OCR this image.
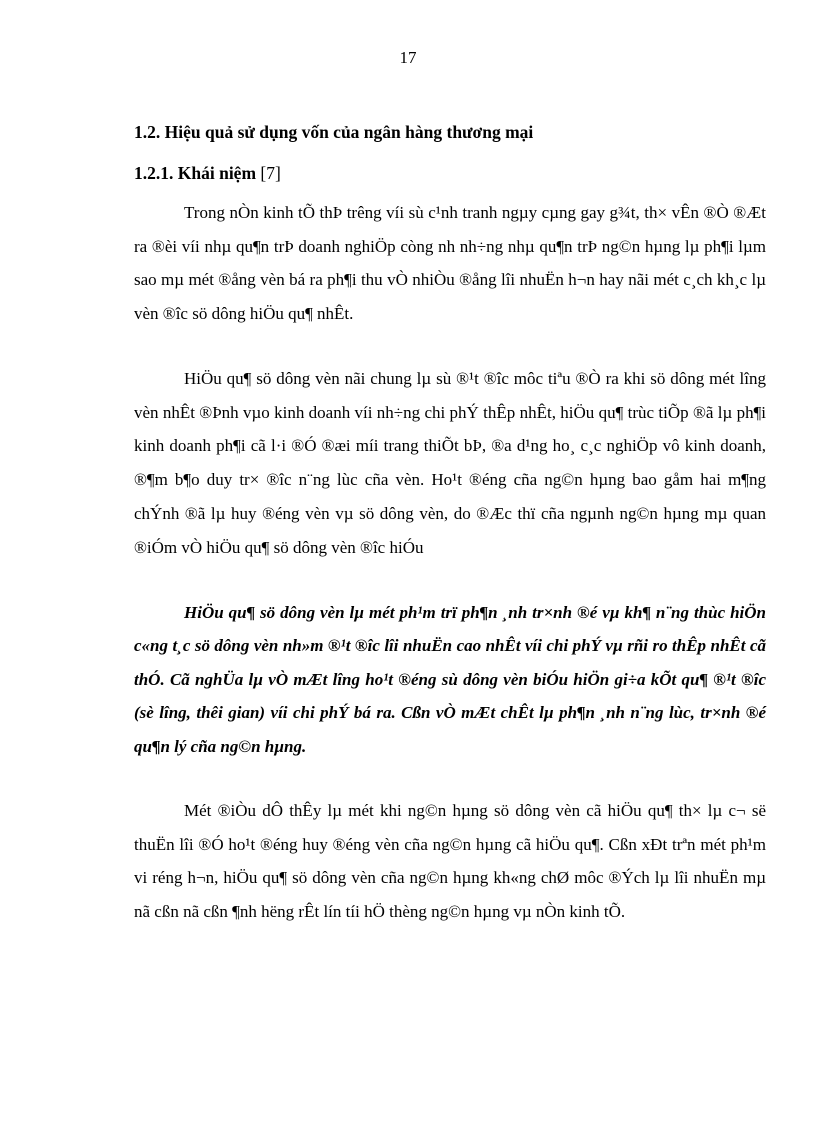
17
1.2. Hiệu quả sử dụng vốn của ngân hàng thương mại
1.2.1. Khái niệm [7]

Trong nÒn kinh tÕ thÞ trêng víi sù c¹nh tranh ngµy cµng gay g¾t, th× vÊn ®Ò ®Æt ra ®èi víi nhµ qu¶n trÞ doanh nghiÖp còng nh nh÷ng nhµ qu¶n trÞ ng©n hµng lµ ph¶i lµm sao mµ mét ®ång vèn bá ra ph¶i thu vÒ nhiÒu ®ång lîi nhuËn h¬n hay nãi mét c¸ch kh¸c lµ vèn ®îc sö dông hiÖu qu¶ nhÊt.

HiÖu qu¶ sö dông vèn nãi chung lµ sù ®¹t ®îc môc tiªu ®Ò ra khi sö dông mét lîng vèn nhÊt ®Þnh vµo kinh doanh víi nh÷ng chi phÝ thÊp nhÊt, hiÖu qu¶ trùc tiÕp ®ã lµ ph¶i kinh doanh ph¶i cã l·i ®Ó ®æi míi trang thiÕt bÞ, ®a d¹ng ho¸ c¸c nghiÖp vô kinh doanh, ®¶m b¶o duy tr× ®îc n¨ng lùc cña vèn. Ho¹t ®éng cña ng©n hµng bao gåm hai m¶ng chÝnh ®ã lµ huy ®éng vèn vµ sö dông vèn, do ®Æc thï cña ngµnh ng©n hµng mµ quan ®iÓm vÒ hiÖu qu¶ sö dông vèn ®îc hiÓu

HiÖu qu¶ sö dông vèn lµ mét ph¹m trï ph¶n ¸nh tr×nh ®é vµ kh¶ n¨ng thùc hiÖn c«ng t¸c sö dông vèn nh»m ®¹t ®îc lîi nhuËn cao nhÊt víi chi phÝ vµ rñi ro thÊp nhÊt cã thÓ. Cã nghÜa lµ vÒ mÆt lîng ho¹t ®éng sù dông vèn biÓu hiÖn gi÷a kÕt qu¶ ®¹t ®îc (sè lîng, thêi gian) víi chi phÝ bá ra. Cßn vÒ mÆt chÊt lµ ph¶n ¸nh n¨ng lùc, tr×nh ®é qu¶n lý cña ng©n hµng.

Mét ®iÒu dÔ thÊy lµ mét khi ng©n hµng sö dông vèn cã hiÖu qu¶ th× lµ c¬ së thuËn lîi ®Ó ho¹t ®éng huy ®éng vèn cña ng©n hµng cã hiÖu qu¶. Cßn xÐt trªn mét ph¹m vi réng h¬n, hiÖu qu¶ sö dông vèn cña ng©n hµng kh«ng chØ môc ®Ých lµ lîi nhuËn mµ nã cßn nã cßn ¶nh hëng rÊt lín tíi hÖ thèng ng©n hµng vµ nÒn kinh tÕ.
